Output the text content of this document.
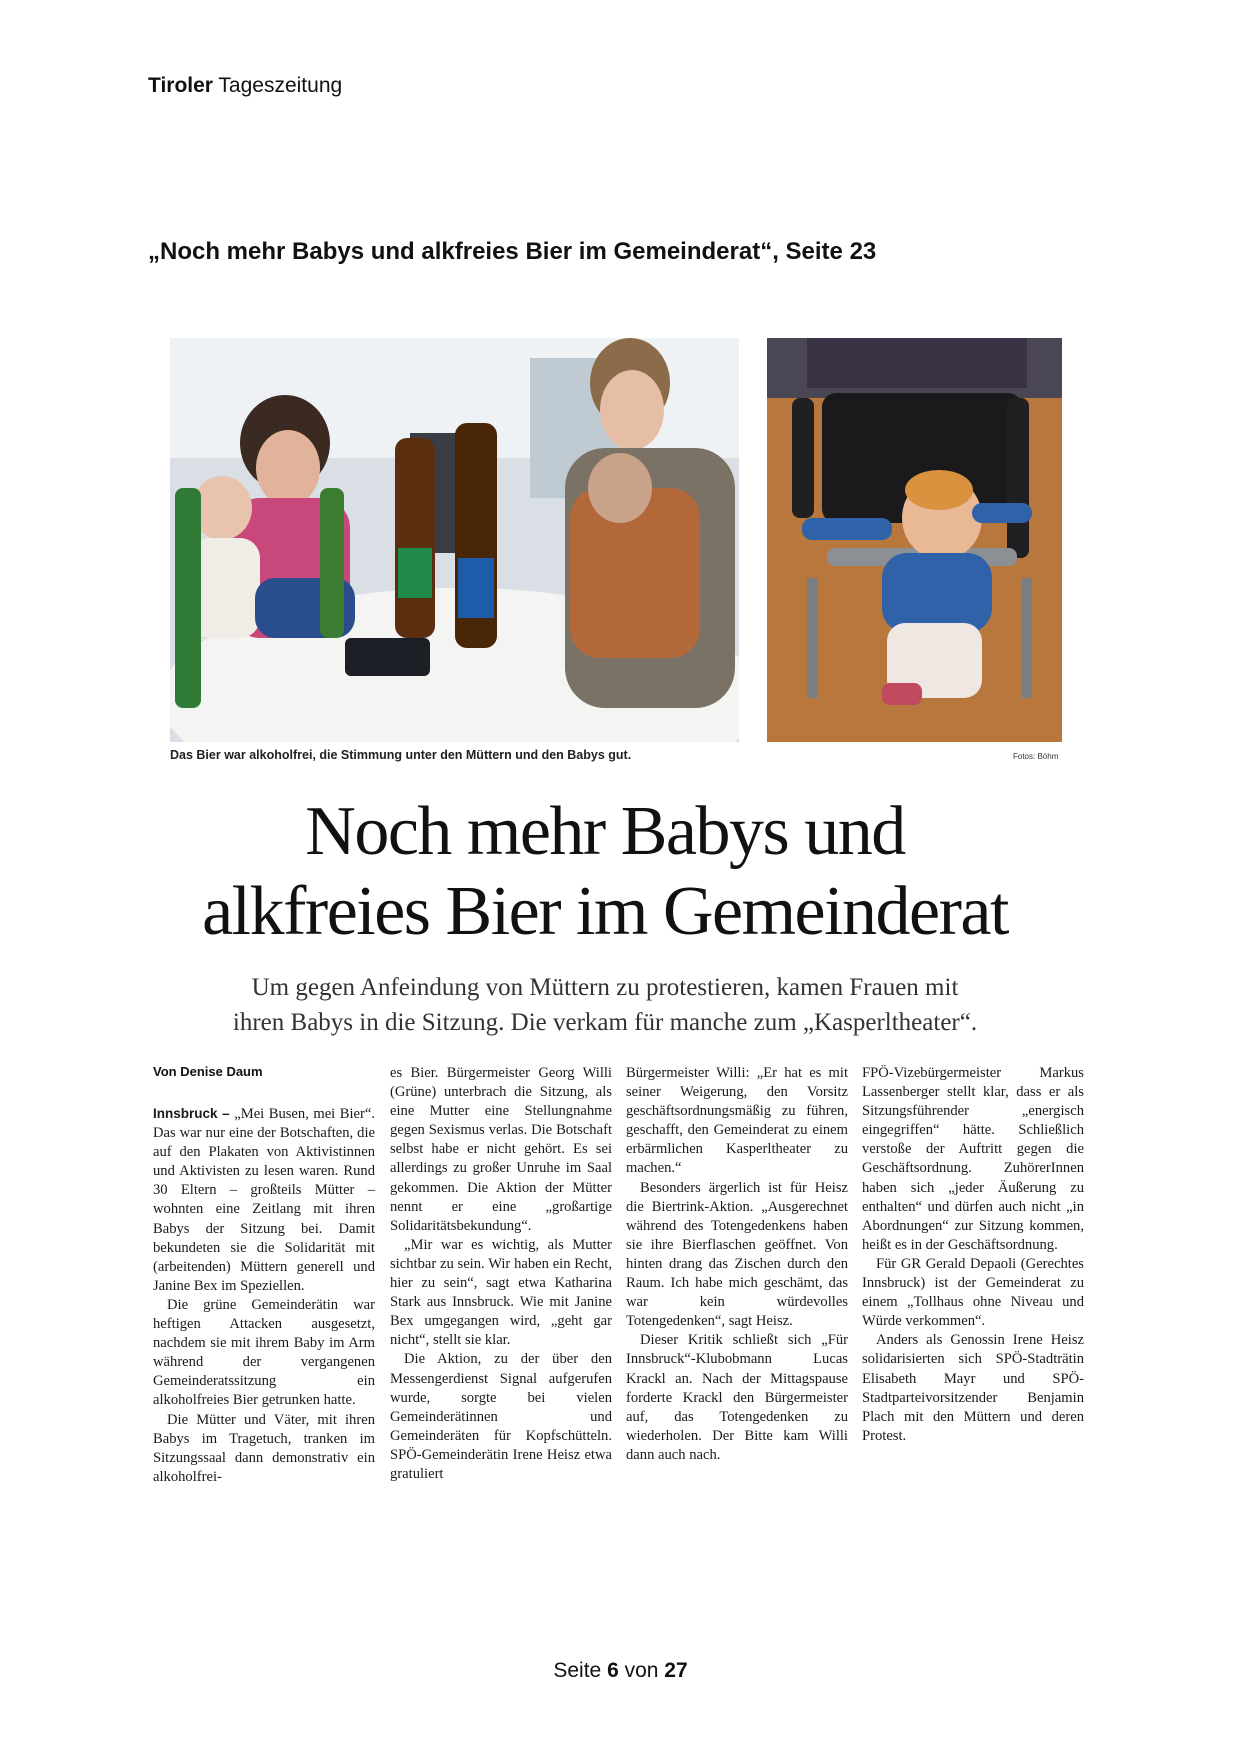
Tiroler Tageszeitung
„Noch mehr Babys und alkfreies Bier im Gemeinderat“, Seite 23
Das Bier war alkoholfrei, die Stimmung unter den Müttern und den Babys gut.	Fotos: Böhm
Noch mehr Babys und
alkfreies Bier im Gemeinderat
Um gegen Anfeindung von Müttern zu protestieren, kamen Frauen mit
ihren Babys in die Sitzung. Die verkam für manche zum „Kasperltheater“.
Von Denise Daum

Innsbruck – „Mei Busen, mei Bier“. Das war nur eine der Botschaften, die auf den Plakaten von Aktivistinnen und Aktivisten zu lesen waren. Rund 30 Eltern – großteils Mütter – wohnten eine Zeitlang mit ihren Babys der Sitzung bei. Damit bekundeten sie die Solidarität mit (arbeitenden) Müttern generell und Janine Bex im Speziellen.

Die grüne Gemeinderätin war heftigen Attacken ausgesetzt, nachdem sie mit ihrem Baby im Arm während der vergangenen Gemeinderatssitzung ein alkoholfreies Bier getrunken hatte.

Die Mütter und Väter, mit ihren Babys im Tragetuch, tranken im Sitzungssaal dann demonstrativ ein alkoholfrei-

es Bier. Bürgermeister Georg Willi (Grüne) unterbrach die Sitzung, als eine Mutter eine Stellungnahme gegen Sexismus verlas. Die Botschaft selbst habe er nicht gehört. Es sei allerdings zu großer Unruhe im Saal gekommen. Die Aktion der Mütter nennt er eine „großartige Solidaritätsbekundung“.

„Mir war es wichtig, als Mutter sichtbar zu sein. Wir haben ein Recht, hier zu sein“, sagt etwa Katharina Stark aus Innsbruck. Wie mit Janine Bex umgegangen wird, „geht gar nicht“, stellt sie klar.

Die Aktion, zu der über den Messengerdienst Signal aufgerufen wurde, sorgte bei vielen Gemeinderätinnen und Gemeinderäten für Kopfschütteln. SPÖ-Gemeinderätin Irene Heisz etwa gratuliert

Bürgermeister Willi: „Er hat es mit seiner Weigerung, den Vorsitz geschäftsordnungsmäßig zu führen, geschafft, den Gemeinderat zu einem erbärmlichen Kasperltheater zu machen.“

Besonders ärgerlich ist für Heisz die Biertrink-Aktion. „Ausgerechnet während des Totengedenkens haben sie ihre Bierflaschen geöffnet. Von hinten drang das Zischen durch den Raum. Ich habe mich geschämt, das war kein würdevolles Totengedenken“, sagt Heisz.

Dieser Kritik schließt sich „Für Innsbruck“-Klubobmann Lucas Krackl an. Nach der Mittagspause forderte Krackl den Bürgermeister auf, das Totengedenken zu wiederholen. Der Bitte kam Willi dann auch nach.

FPÖ-Vizebürgermeister Markus Lassenberger stellt klar, dass er als Sitzungsführender „energisch eingegriffen“ hätte. Schließlich verstoße der Auftritt gegen die Geschäftsordnung. ZuhörerInnen haben sich „jeder Äußerung zu enthalten“ und dürfen auch nicht „in Abordnungen“ zur Sitzung kommen, heißt es in der Geschäftsordnung.

Für GR Gerald Depaoli (Gerechtes Innsbruck) ist der Gemeinderat zu einem „Tollhaus ohne Niveau und Würde verkommen“.

Anders als Genossin Irene Heisz solidarisierten sich SPÖ-Stadträtin Elisabeth Mayr und SPÖ-Stadtparteivorsitzender Benjamin Plach mit den Müttern und deren Protest.

Seite 6 von 27
